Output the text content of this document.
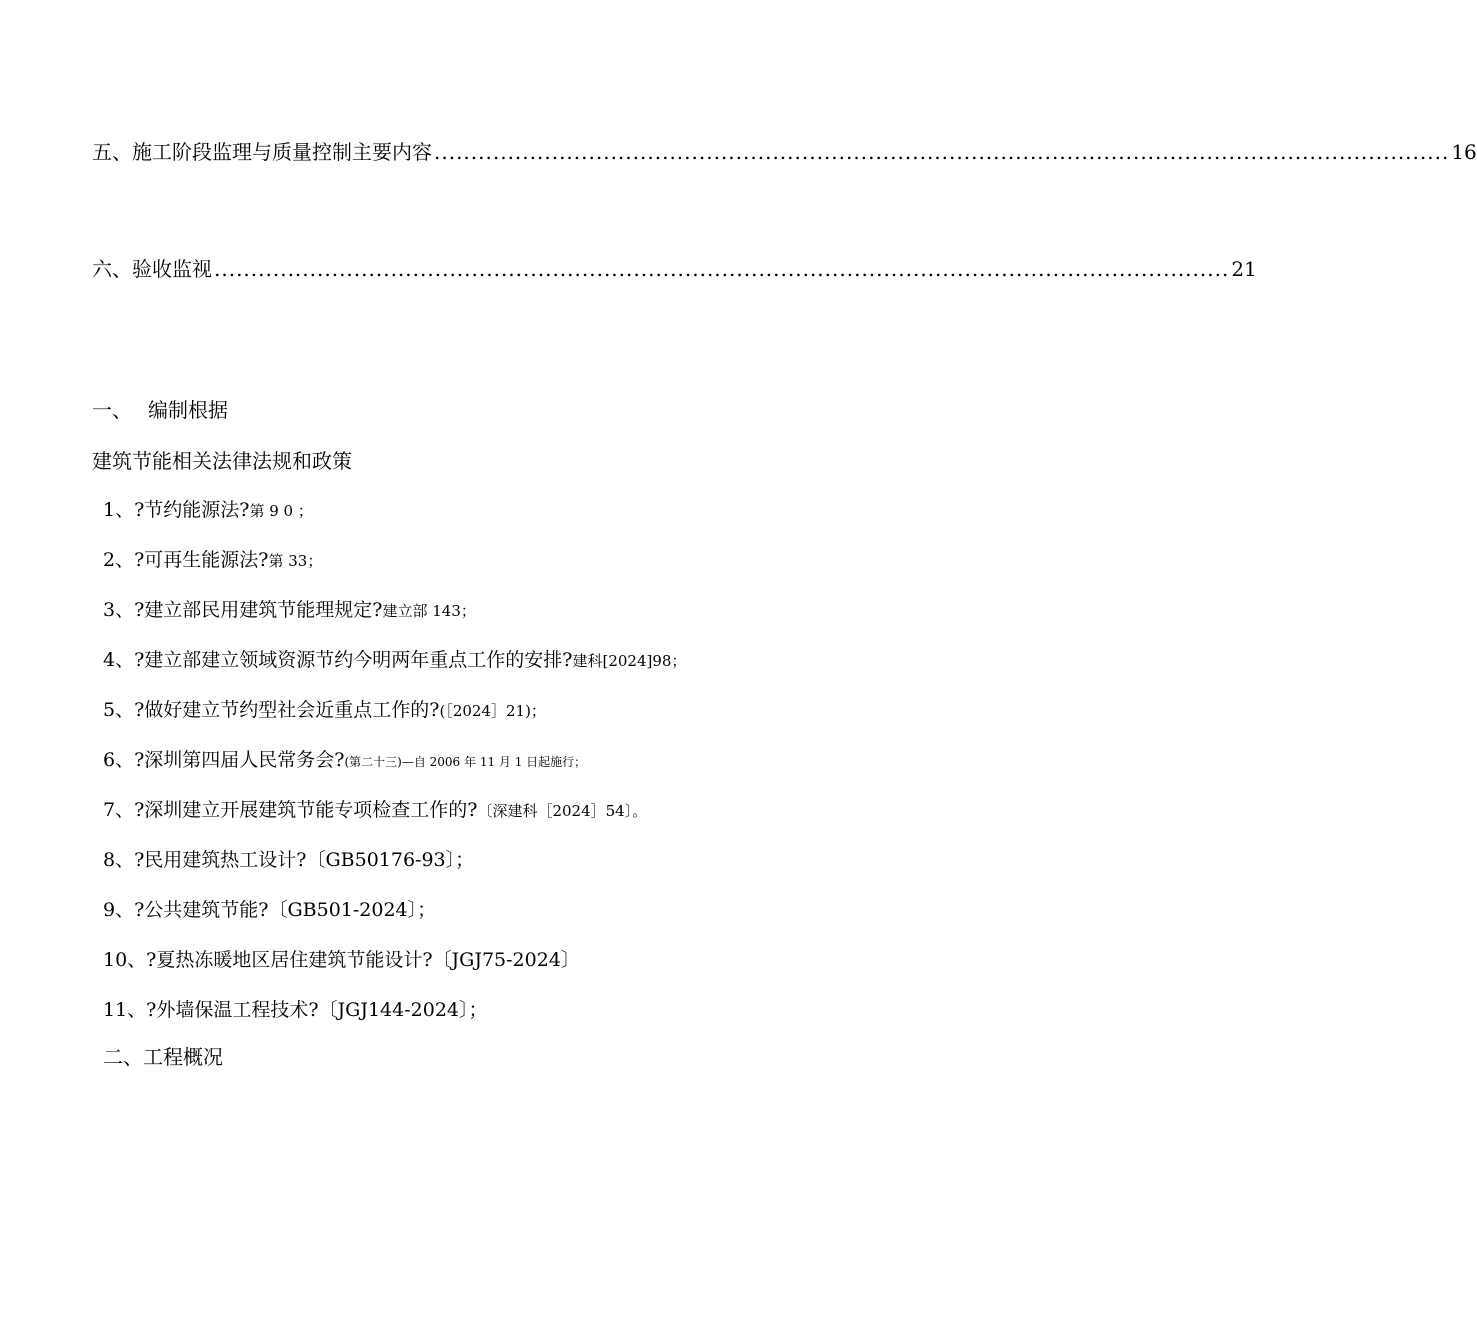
五、施工阶段监理与质量控制主要内容 .......................................................................................................................................... 16
六、验收监视 .......................................................................................................................................... 21
一、 编制根据
建筑节能相关法律法规和政策
1、?节约能源法?第 9 0 ；
2、?可再生能源法?第 33；
3、?建立部民用建筑节能理规定?建立部 143；
4、?建立部建立领域资源节约今明两年重点工作的安排?建科[2024]98；
5、?做好建立节约型社会近重点工作的?(［2024］21)；
6、?深圳第四届人民常务会?(第二十三)—自 2006 年 11 月 1 日起施行；
7、?深圳建立开展建筑节能专项检查工作的?〔深建科［2024］54〕。
8、?民用建筑热工设计?〔GB50176-93〕；
9、?公共建筑节能?〔GB501-2024〕；
10、?夏热冻暖地区居住建筑节能设计?〔JGJ75-2024〕
11、?外墙保温工程技术?〔JGJ144-2024〕；
二、工程概况
